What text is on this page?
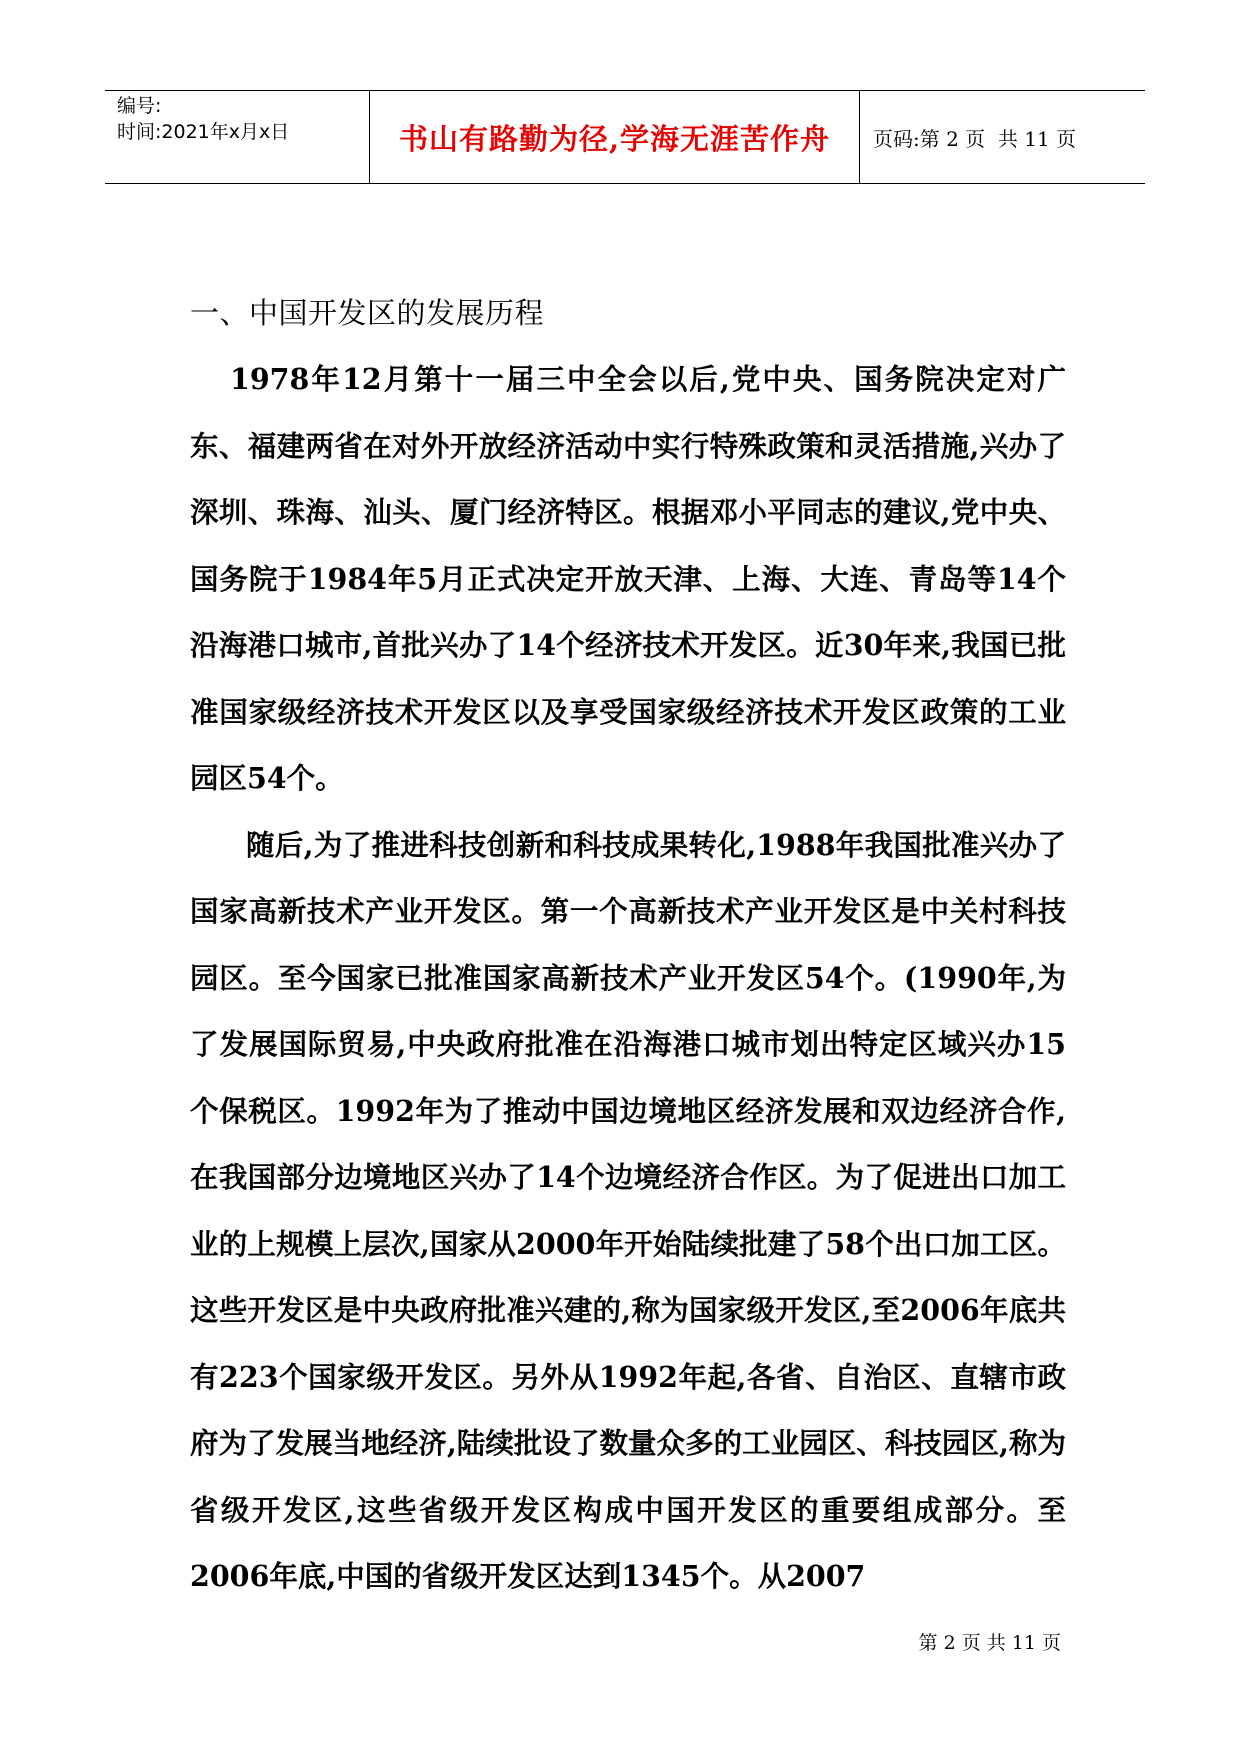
编号:
时间:2021年x月x日	书山有路勤为径,学海无涯苦作舟 页码:第 2 页  共 11 页
一、中国开发区的发展历程

1978年12月第十一届三中全会以后,党中央、国务院决定对广东、福建两省在对外开放经济活动中实行特殊政策和灵活措施,兴办了深圳、珠海、汕头、厦门经济特区。根据邓小平同志的建议,党中央、国务院于1984年5月正式决定开放天津、上海、大连、青岛等14个沿海港口城市,首批兴办了14个经济技术开发区。近30年来,我国已批准国家级经济技术开发区以及享受国家级经济技术开发区政策的工业园区54个。

随后,为了推进科技创新和科技成果转化,1988年我国批准兴办了国家高新技术产业开发区。第一个高新技术产业开发区是中关村科技园区。至今国家已批准国家高新技术产业开发区54个。(1990年,为了发展国际贸易,中央政府批准在沿海港口城市划出特定区域兴办15个保税区。1992年为了推动中国边境地区经济发展和双边经济合作,在我国部分边境地区兴办了14个边境经济合作区。为了促进出口加工业的上规模上层次,国家从2000年开始陆续批建了58个出口加工区。这些开发区是中央政府批准兴建的,称为国家级开发区,至2006年底共有223个国家级开发区。另外从1992年起,各省、自治区、直辖市政府为了发展当地经济,陆续批设了数量众多的工业园区、科技园区,称为省级开发区,这些省级开发区构成中国开发区的重要组成部分。至2006年底,中国的省级开发区达到1345个。从2007

第 2 页 共 11 页
